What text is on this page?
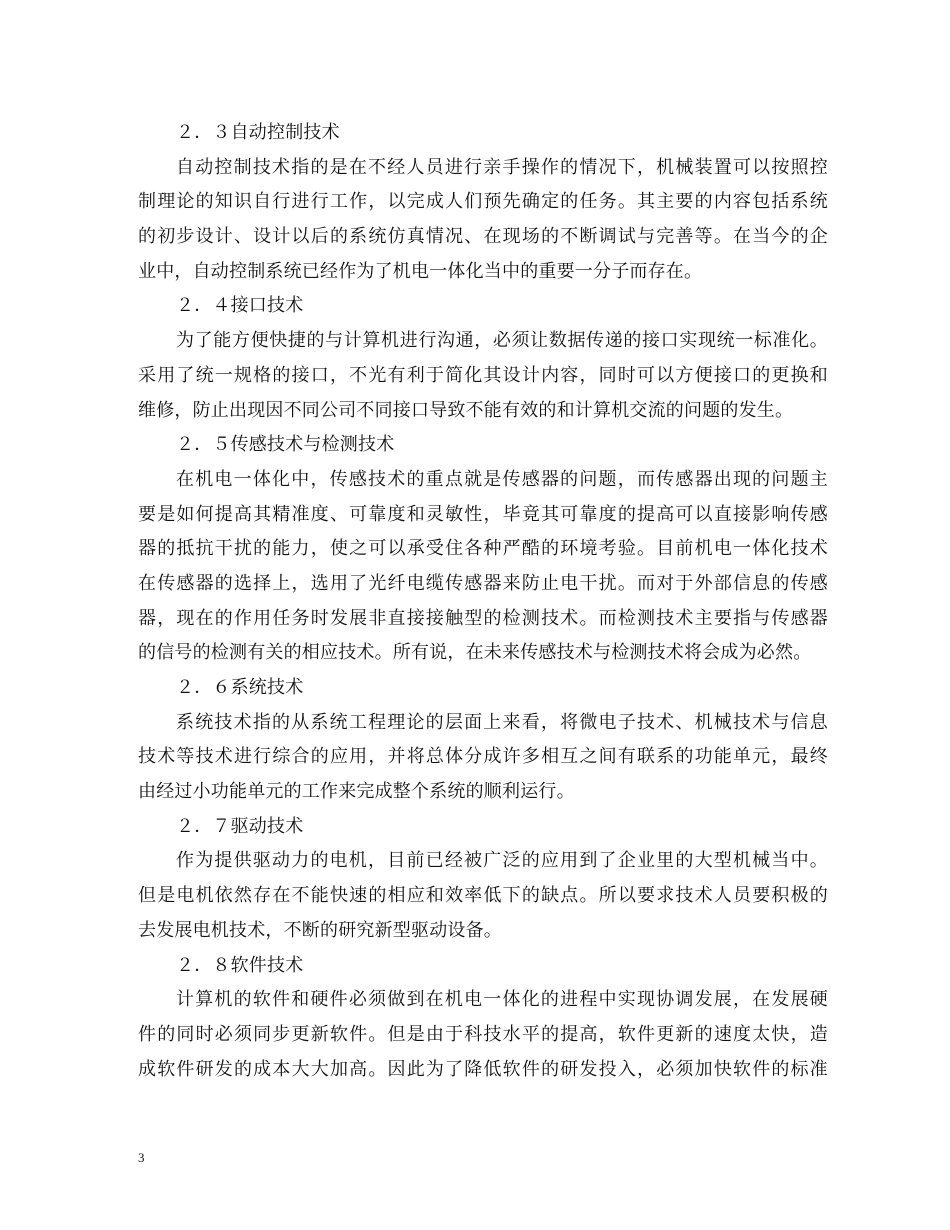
２．３自动控制技术
自动控制技术指的是在不经人员进行亲手操作的情况下，机械装置可以按照控
制理论的知识自行进行工作，以完成人们预先确定的任务。其主要的内容包括系统
的初步设计、设计以后的系统仿真情况、在现场的不断调试与完善等。在当今的企
业中，自动控制系统已经作为了机电一体化当中的重要一分子而存在。
２．４接口技术
为了能方便快捷的与计算机进行沟通，必须让数据传递的接口实现统一标准化。
采用了统一规格的接口，不光有利于简化其设计内容，同时可以方便接口的更换和
维修，防止出现因不同公司不同接口导致不能有效的和计算机交流的问题的发生。
２．５传感技术与检测技术
在机电一体化中，传感技术的重点就是传感器的问题，而传感器出现的问题主
要是如何提高其精准度、可靠度和灵敏性，毕竟其可靠度的提高可以直接影响传感
器的抵抗干扰的能力，使之可以承受住各种严酷的环境考验。目前机电一体化技术
在传感器的选择上，选用了光纤电缆传感器来防止电干扰。而对于外部信息的传感
器，现在的作用任务时发展非直接接触型的检测技术。而检测技术主要指与传感器
的信号的检测有关的相应技术。所有说，在未来传感技术与检测技术将会成为必然。
２．６系统技术
系统技术指的从系统工程理论的层面上来看，将微电子技术、机械技术与信息
技术等技术进行综合的应用，并将总体分成许多相互之间有联系的功能单元，最终
由经过小功能单元的工作来完成整个系统的顺利运行。
２．７驱动技术
作为提供驱动力的电机，目前已经被广泛的应用到了企业里的大型机械当中。
但是电机依然存在不能快速的相应和效率低下的缺点。所以要求技术人员要积极的
去发展电机技术，不断的研究新型驱动设备。
２．８软件技术
计算机的软件和硬件必须做到在机电一体化的进程中实现协调发展，在发展硬
件的同时必须同步更新软件。但是由于科技水平的提高，软件更新的速度太快，造
成软件研发的成本大大加高。因此为了降低软件的研发投入，必须加快软件的标准
3
